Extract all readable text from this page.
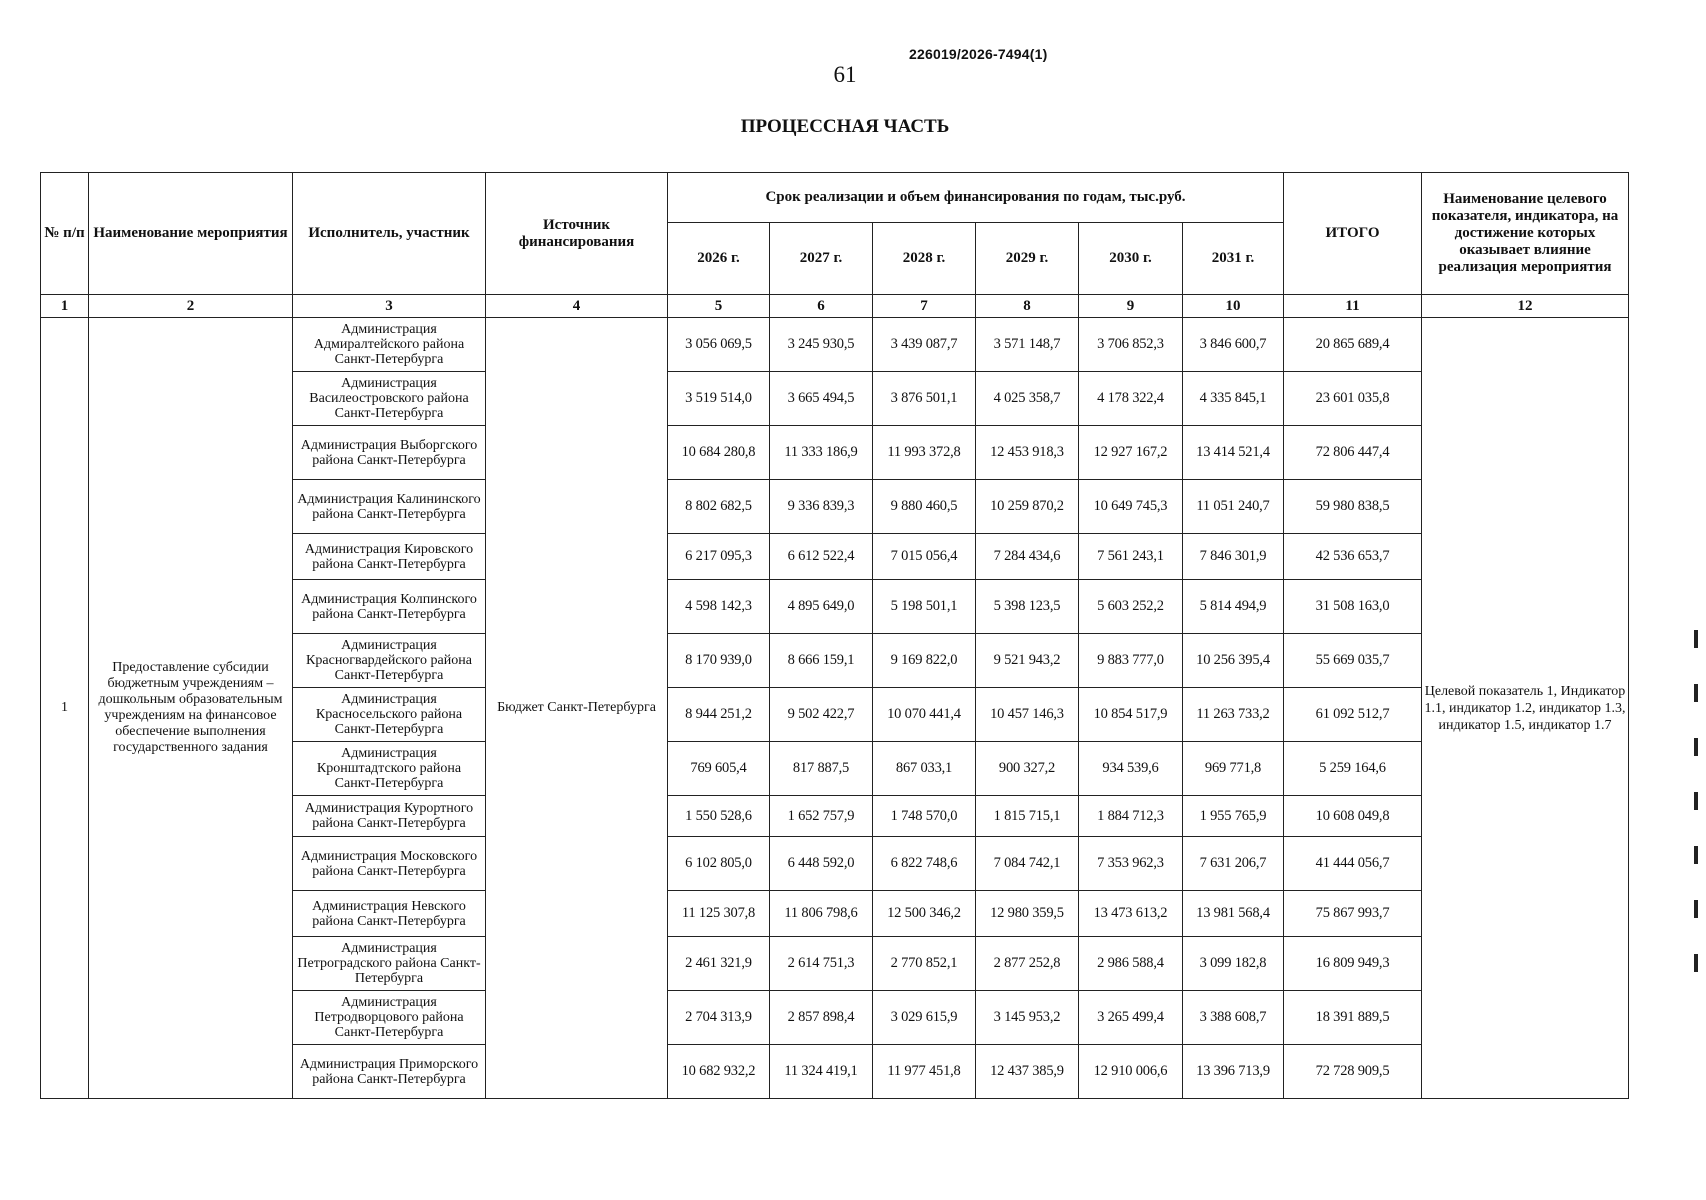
226019/2026-7494(1)
61
ПРОЦЕССНАЯ ЧАСТЬ
№ п/п	Наименование мероприятия	Исполнитель, участник	Источник финансирования	Срок реализации и объем финансирования по годам, тыс.руб.						ИТОГО	Наименование целевого показателя, индикатора, на достижение которых оказывает влияние реализация мероприятия
				2026 г.	2027 г.	2028 г.	2029 г.	2030 г.	2031 г.		
1	2	3	4	5	6	7	8	9	10	11	12
1	Предоставление субсидии бюджетным учреждениям – дошкольным образовательным учреждениям на финансовое обеспечение выполнения государственного задания	Администрация Адмиралтейского района Санкт-Петербурга	Бюджет Санкт-Петербурга	3 056 069,5	3 245 930,5	3 439 087,7	3 571 148,7	3 706 852,3	3 846 600,7	20 865 689,4	Целевой показатель 1, Индикатор 1.1, индикатор 1.2, индикатор 1.3, индикатор 1.5, индикатор 1.7
		Администрация Василеостровского района Санкт-Петербурга		3 519 514,0	3 665 494,5	3 876 501,1	4 025 358,7	4 178 322,4	4 335 845,1	23 601 035,8	
		Администрация Выборгского района Санкт-Петербурга		10 684 280,8	11 333 186,9	11 993 372,8	12 453 918,3	12 927 167,2	13 414 521,4	72 806 447,4	
		Администрация Калининского района Санкт-Петербурга		8 802 682,5	9 336 839,3	9 880 460,5	10 259 870,2	10 649 745,3	11 051 240,7	59 980 838,5	
		Администрация Кировского района Санкт-Петербурга		6 217 095,3	6 612 522,4	7 015 056,4	7 284 434,6	7 561 243,1	7 846 301,9	42 536 653,7	
		Администрация Колпинского района Санкт-Петербурга		4 598 142,3	4 895 649,0	5 198 501,1	5 398 123,5	5 603 252,2	5 814 494,9	31 508 163,0	
		Администрация Красногвардейского района Санкт-Петербурга		8 170 939,0	8 666 159,1	9 169 822,0	9 521 943,2	9 883 777,0	10 256 395,4	55 669 035,7	
		Администрация Красносельского района Санкт-Петербурга		8 944 251,2	9 502 422,7	10 070 441,4	10 457 146,3	10 854 517,9	11 263 733,2	61 092 512,7	
		Администрация Кронштадтского района Санкт-Петербурга		769 605,4	817 887,5	867 033,1	900 327,2	934 539,6	969 771,8	5 259 164,6	
		Администрация Курортного района Санкт-Петербурга		1 550 528,6	1 652 757,9	1 748 570,0	1 815 715,1	1 884 712,3	1 955 765,9	10 608 049,8	
		Администрация Московского района Санкт-Петербурга		6 102 805,0	6 448 592,0	6 822 748,6	7 084 742,1	7 353 962,3	7 631 206,7	41 444 056,7	
		Администрация Невского района Санкт-Петербурга		11 125 307,8	11 806 798,6	12 500 346,2	12 980 359,5	13 473 613,2	13 981 568,4	75 867 993,7	
		Администрация Петроградского района Санкт-Петербурга		2 461 321,9	2 614 751,3	2 770 852,1	2 877 252,8	2 986 588,4	3 099 182,8	16 809 949,3	
		Администрация Петродворцового района Санкт-Петербурга		2 704 313,9	2 857 898,4	3 029 615,9	3 145 953,2	3 265 499,4	3 388 608,7	18 391 889,5	
		Администрация Приморского района Санкт-Петербурга		10 682 932,2	11 324 419,1	11 977 451,8	12 437 385,9	12 910 006,6	13 396 713,9	72 728 909,5	
